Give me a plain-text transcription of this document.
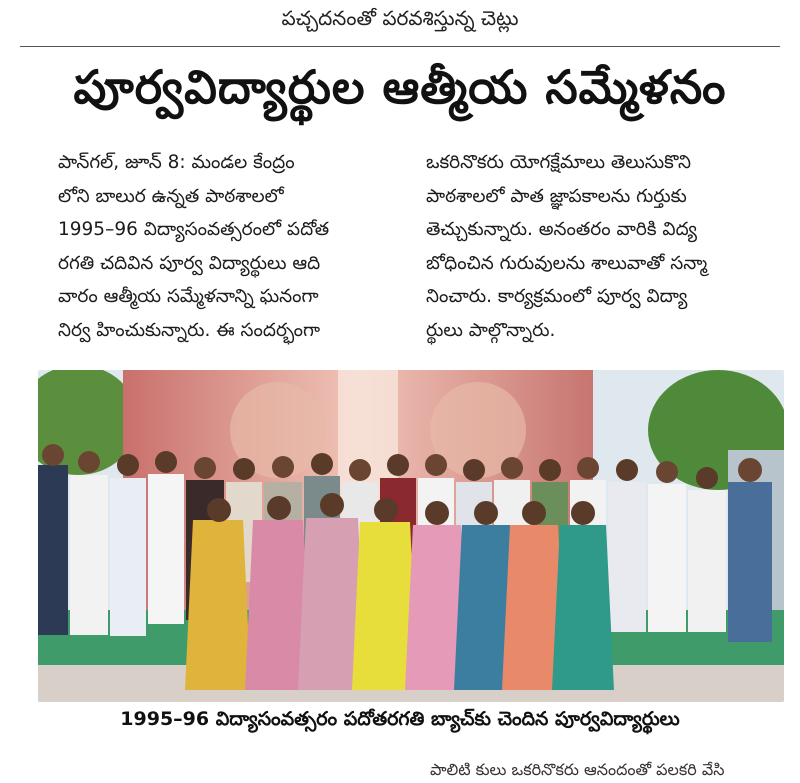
పచ్చదనంతో పరవశిస్తున్న చెట్లు
పూర్వవిద్యార్థుల ఆత్మీయ సమ్మేళనం
పాన్‌గల్, జూన్ 8: మండల కేంద్రం
లోని బాలుర ఉన్నత పాఠశాలలో
1995–96 విద్యాసంవత్సరంలో పదోత
రగతి చదివిన పూర్వ విద్యార్థులు ఆది
వారం ఆత్మీయ సమ్మేళనాన్ని ఘనంగా
నిర్వ హించుకున్నారు. ఈ సందర్భంగా
ఒకరినొకరు యోగక్షేమాలు తెలుసుకొని
పాఠశాలలో పాత జ్ఞాపకాలను గుర్తుకు
తెచ్చుకున్నారు. అనంతరం వారికి విద్య
బోధించిన గురువులను శాలువాతో సన్మా
నించారు. కార్యక్రమంలో పూర్వ విద్యా
ర్థులు పాల్గొన్నారు.
1995–96 విద్యాసంవత్సరం పదోతరగతి బ్యాచ్‌కు చెందిన పూర్వవిద్యార్థులు
పాలిటి కులు ఒకరినొకరు ఆనందంతో పలకరి వేసి
